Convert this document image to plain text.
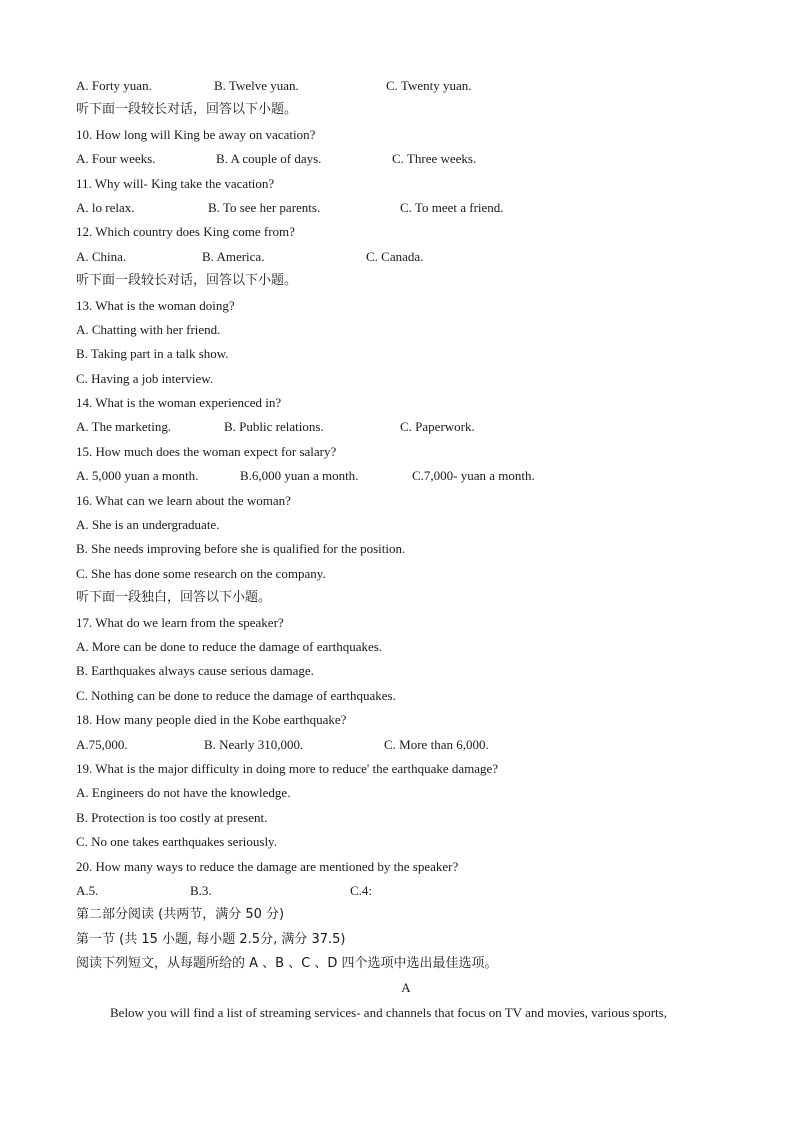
A. Forty yuan.	B. Twelve yuan.	C. Twenty yuan.
听下面一段较长对话，回答以下小题。
10. How long will King be away on vacation?
A. Four weeks.	B. A couple of days.	C. Three weeks.
11. Why will- King take the vacation?
A. lo relax.	B. To see her parents.	C. To meet a friend.
12. Which country does King come from?
A. China.	B. America.	C. Canada.
听下面一段较长对话，回答以下小题。
13. What is the woman doing?
A. Chatting with her friend.
B. Taking part in a talk show.
C. Having a job interview.
14. What is the woman experienced in?
A. The marketing.	B. Public relations.	C. Paperwork.
15. How much does the woman expect for salary?
A. 5,000 yuan a month.	B.6,000 yuan a month.	C.7,000- yuan a month.
16. What can we learn about the woman?
A. She is an undergraduate.
B. She needs improving before she is qualified for the position.
C. She has done some research on the company.
听下面一段独白，回答以下小题。
17. What do we learn from the speaker?
A. More can be done to reduce the damage of earthquakes.
B. Earthquakes always cause serious damage.
C. Nothing can be done to reduce the damage of earthquakes.
18. How many people died in the Kobe earthquake?
A.75,000.	B. Nearly 310,000.	C. More than 6,000.
19. What is the major difficulty in doing more to reduce' the earthquake damage?
A. Engineers do not have the knowledge.
B. Protection is too costly at present.
C. No one takes earthquakes seriously.
20. How many ways to reduce the damage are mentioned by the speaker?
A.5.	B.3.	C.4:
第二部分阅读 (共两节，满分 50 分)
第一节 (共 15 小题, 每小题 2.5分, 满分 37.5)
阅读下列短文，从每题所给的 A 、B 、C 、D 四个选项中选出最佳选项。
A
Below you will find a list of streaming services- and channels that focus on TV and movies, various sports,
